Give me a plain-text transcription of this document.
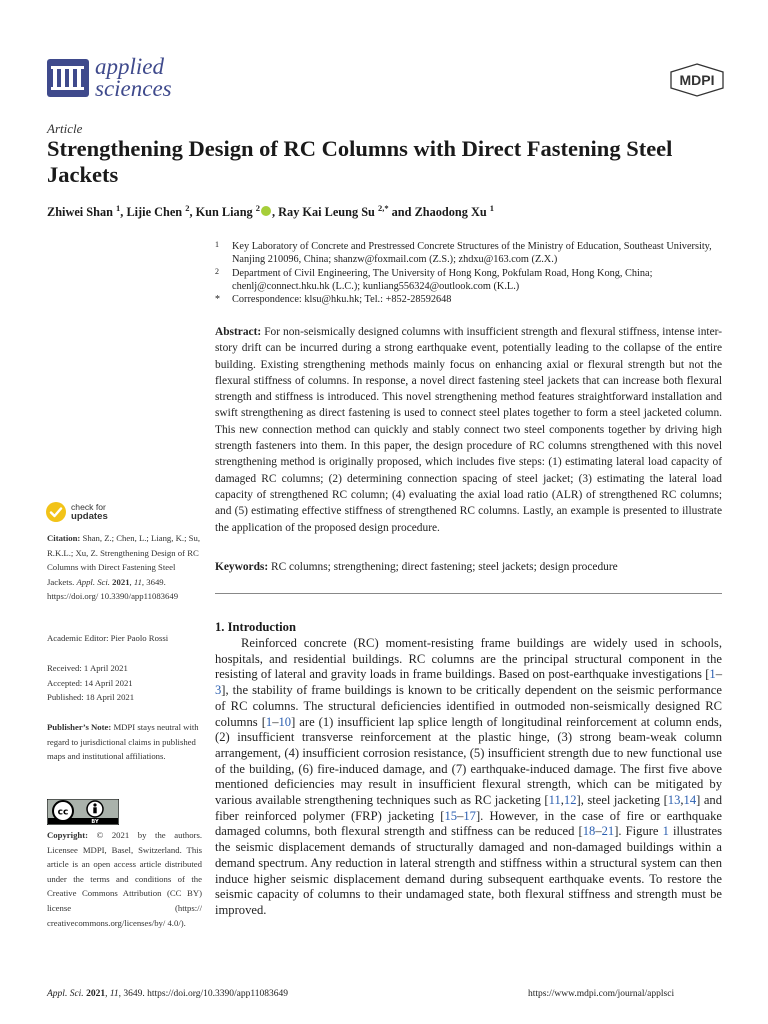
applied
sciences	MDPI
Article
Strengthening Design of RC Columns with Direct Fastening Steel Jackets
Zhiwei Shan $^1$, Lijie Chen $^2$, Kun Liang $^2$ , Ray Kai Leung Su $^{2,*}$ and Zhaodong Xu $^1$
1 Key Laboratory of Concrete and Prestressed Concrete Structures of the Ministry of Education, Southeast University, Nanjing 210096, China; shanzw@foxmail.com (Z.S.); zhdxu@163.com (Z.X.)
2 Department of Civil Engineering, The University of Hong Kong, Pokfulam Road, Hong Kong, China; chenlj@connect.hku.hk (L.C.); kunliang556324@outlook.com (K.L.)
* Correspondence: klsu@hku.hk; Tel.: +852-28592648
Abstract: For non-seismically designed columns with insufficient strength and flexural stiffness, intense inter-story drift can be incurred during a strong earthquake event, potentially leading to the collapse of the entire building. Existing strengthening methods mainly focus on enhancing axial or flexural strength but not the flexural stiffness of columns. In response, a novel direct fastening steel jackets that can increase both flexural strength and stiffness is introduced. This novel strengthening method features straightforward installation and swift strengthening as direct fastening is used to connect steel plates together to form a steel jacketed column. This new connection method can quickly and stably connect two steel components together by driving high strength fasteners into them. In this paper, the design procedure of RC columns strengthened with this novel strengthening method is originally proposed, which includes five steps: (1) estimating lateral load capacity of damaged RC columns; (2) determining connection spacing of steel jacket; (3) estimating the lateral load capacity of strengthened RC column; (4) evaluating the axial load ratio (ALR) of strengthened RC columns; and (5) estimating effective stiffness of strengthened RC columns. Lastly, an example is presented to illustrate the application of the proposed design procedure.
Keywords: RC columns; strengthening; direct fastening; steel jackets; design procedure
check for
updates
Citation: Shan, Z.; Chen, L.; Liang, K.; Su, R.K.L.; Xu, Z. Strengthening Design of RC Columns with Direct Fastening Steel Jackets. Appl. Sci. 2021, 11, 3649. https://doi.org/ 10.3390/app11083649
Academic Editor: Pier Paolo Rossi
Received: 1 April 2021
Accepted: 14 April 2021
Published: 18 April 2021
Publisher’s Note: MDPI stays neutral with regard to jurisdictional claims in published maps and institutional affiliations.
cc
BY
Copyright: © 2021 by the authors. Licensee MDPI, Basel, Switzerland. This article is an open access article distributed under the terms and conditions of the Creative Commons Attribution (CC BY) license (https:// creativecommons.org/licenses/by/ 4.0/).
1. Introduction

Reinforced concrete (RC) moment-resisting frame buildings are widely used in schools, hospitals, and residential buildings. RC columns are the principal structural component in the resisting of lateral and gravity loads in frame buildings. Based on post-earthquake investigations [1–3], the stability of frame buildings is known to be critically dependent on the seismic performance of RC columns. The structural deficiencies identified in outmoded non-seismically designed RC columns [1–10] are (1) insufficient lap splice length of longitudinal reinforcement at column ends, (2) insufficient transverse reinforcement at the plastic hinge, (3) strong beam-weak column arrangement, (4) insufficient corrosion resistance, (5) insufficient strength due to new functional use of the building, (6) fire-induced damage, and (7) earthquake-induced damage. The first five above mentioned deficiencies may result in insufficient flexural strength, which can be mitigated by various available strengthening techniques such as RC jacketing [11,12], steel jacketing [13,14] and fiber reinforced polymer (FRP) jacketing [15–17]. However, in the case of fire or earthquake damaged columns, both flexural strength and stiffness can be reduced [18–21]. Figure 1 illustrates the seismic displacement demands of structurally damaged and non-damaged buildings within a demand spectrum. Any reduction in lateral strength and stiffness within a structural system can then induce higher seismic displacement demand during subsequent earthquake events. To restore the seismic capacity of columns to their undamaged state, both flexural stiffness and strength must be improved.

Appl. Sci. 2021, 11, 3649. https://doi.org/10.3390/app11083649	https://www.mdpi.com/journal/applsci
